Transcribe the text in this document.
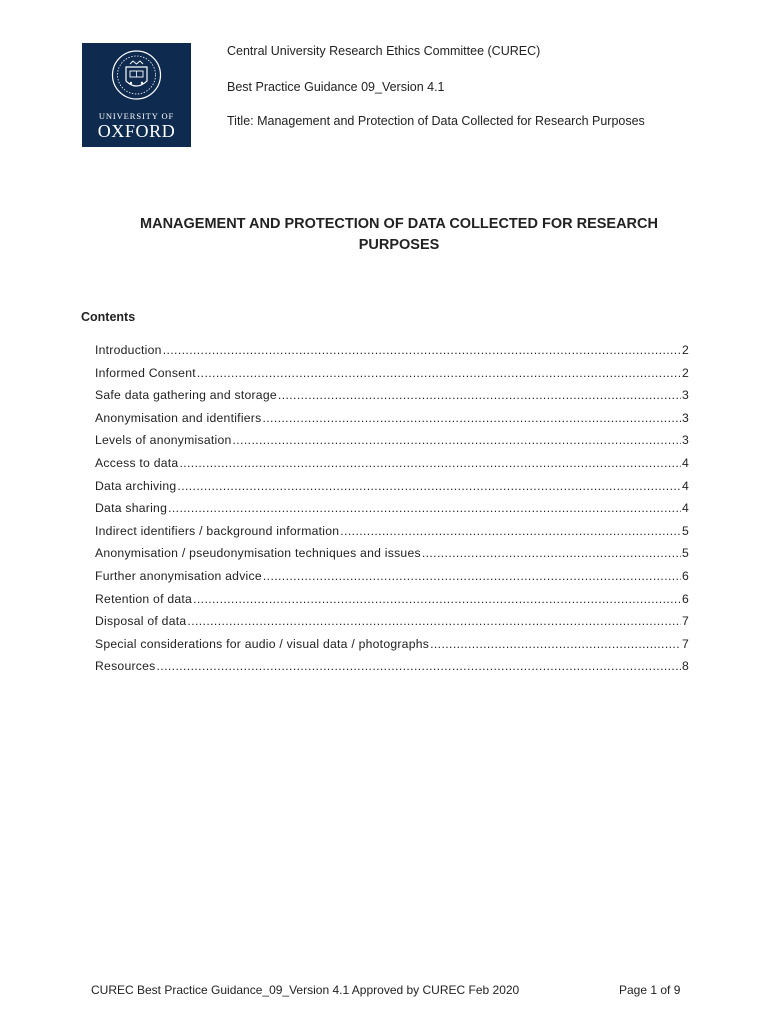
UNIVERSITY OF
OXFORD
Central University Research Ethics Committee (CUREC)
Best Practice Guidance 09_Version 4.1
Title: Management and Protection of Data Collected for Research Purposes
MANAGEMENT AND PROTECTION OF DATA COLLECTED FOR RESEARCH PURPOSES
Contents
Introduction .....	2
Informed Consent .....	2
Safe data gathering and storage .....	3
Anonymisation and identifiers .....	3
Levels of anonymisation .....	3
Access to data .....	4
Data archiving .....	4
Data sharing .....	4
Indirect identifiers / background information .....	5
Anonymisation / pseudonymisation techniques and issues .....	5
Further anonymisation advice .....	6
Retention of data .....	6
Disposal of data .....	7
Special considerations for audio / visual data / photographs .....	7
Resources .....	8
CUREC Best Practice Guidance_09_Version 4.1 Approved by CUREC Feb 2020	Page 1 of 9
